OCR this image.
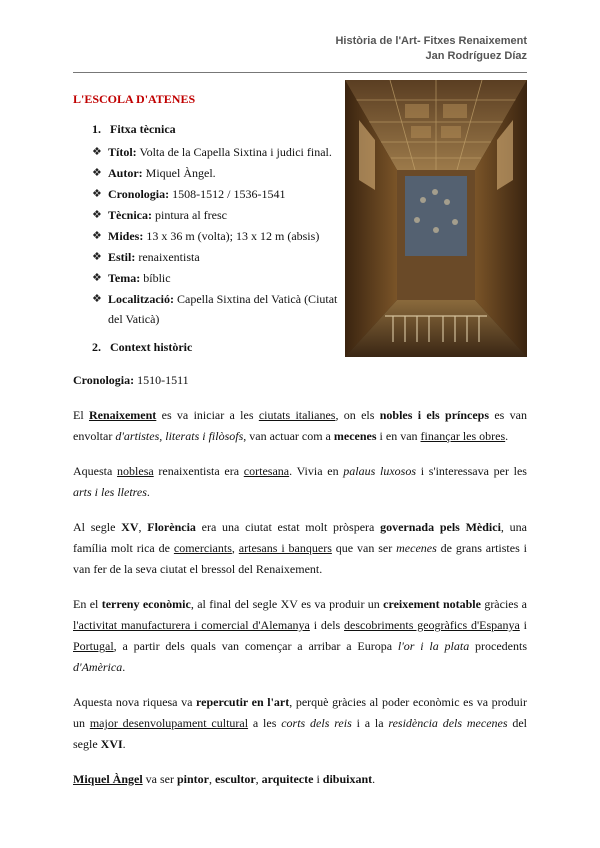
Història de l'Art- Fitxes Renaixement
Jan Rodríguez Díaz
L'ESCOLA D'ATENES
1. Fitxa tècnica
❖ Títol: Volta de la Capella Sixtina i judici final.
❖ Autor: Miquel Àngel.
❖ Cronologia: 1508-1512 / 1536-1541
❖ Tècnica: pintura al fresc
❖ Mides: 13 x 36 m (volta); 13 x 12 m (absis)
❖ Estil: renaixentista
❖ Tema: bíblic
❖ Localització: Capella Sixtina del Vaticà (Ciutat del Vaticà)
2. Context històric

Cronologia: 1510-1511

El Renaixement es va iniciar a les ciutats italianes, on els nobles i els prínceps es van envoltar d'artistes, literats i filòsofs, van actuar com a mecenes i en van finançar les obres.

Aquesta noblesa renaixentista era cortesana. Vivia en palaus luxosos i s'interessava per les arts i les lletres.

Al segle XV, Florència era una ciutat estat molt pròspera governada pels Mèdici, una família molt rica de comerciants, artesans i banquers que van ser mecenes de grans artistes i van fer de la seva ciutat el bressol del Renaixement.

En el terreny econòmic, al final del segle XV es va produir un creixement notable gràcies a l'activitat manufacturera i comercial d'Alemanya i dels descobriments geogràfics d'Espanya i Portugal, a partir dels quals van començar a arribar a Europa l'or i la plata procedents d'Amèrica.

Aquesta nova riquesa va repercutir en l'art, perquè gràcies al poder econòmic es va produir un major desenvolupament cultural a les corts dels reis i a la residència dels mecenes del segle XVI.

Miquel Àngel va ser pintor, escultor, arquitecte i dibuixant.
